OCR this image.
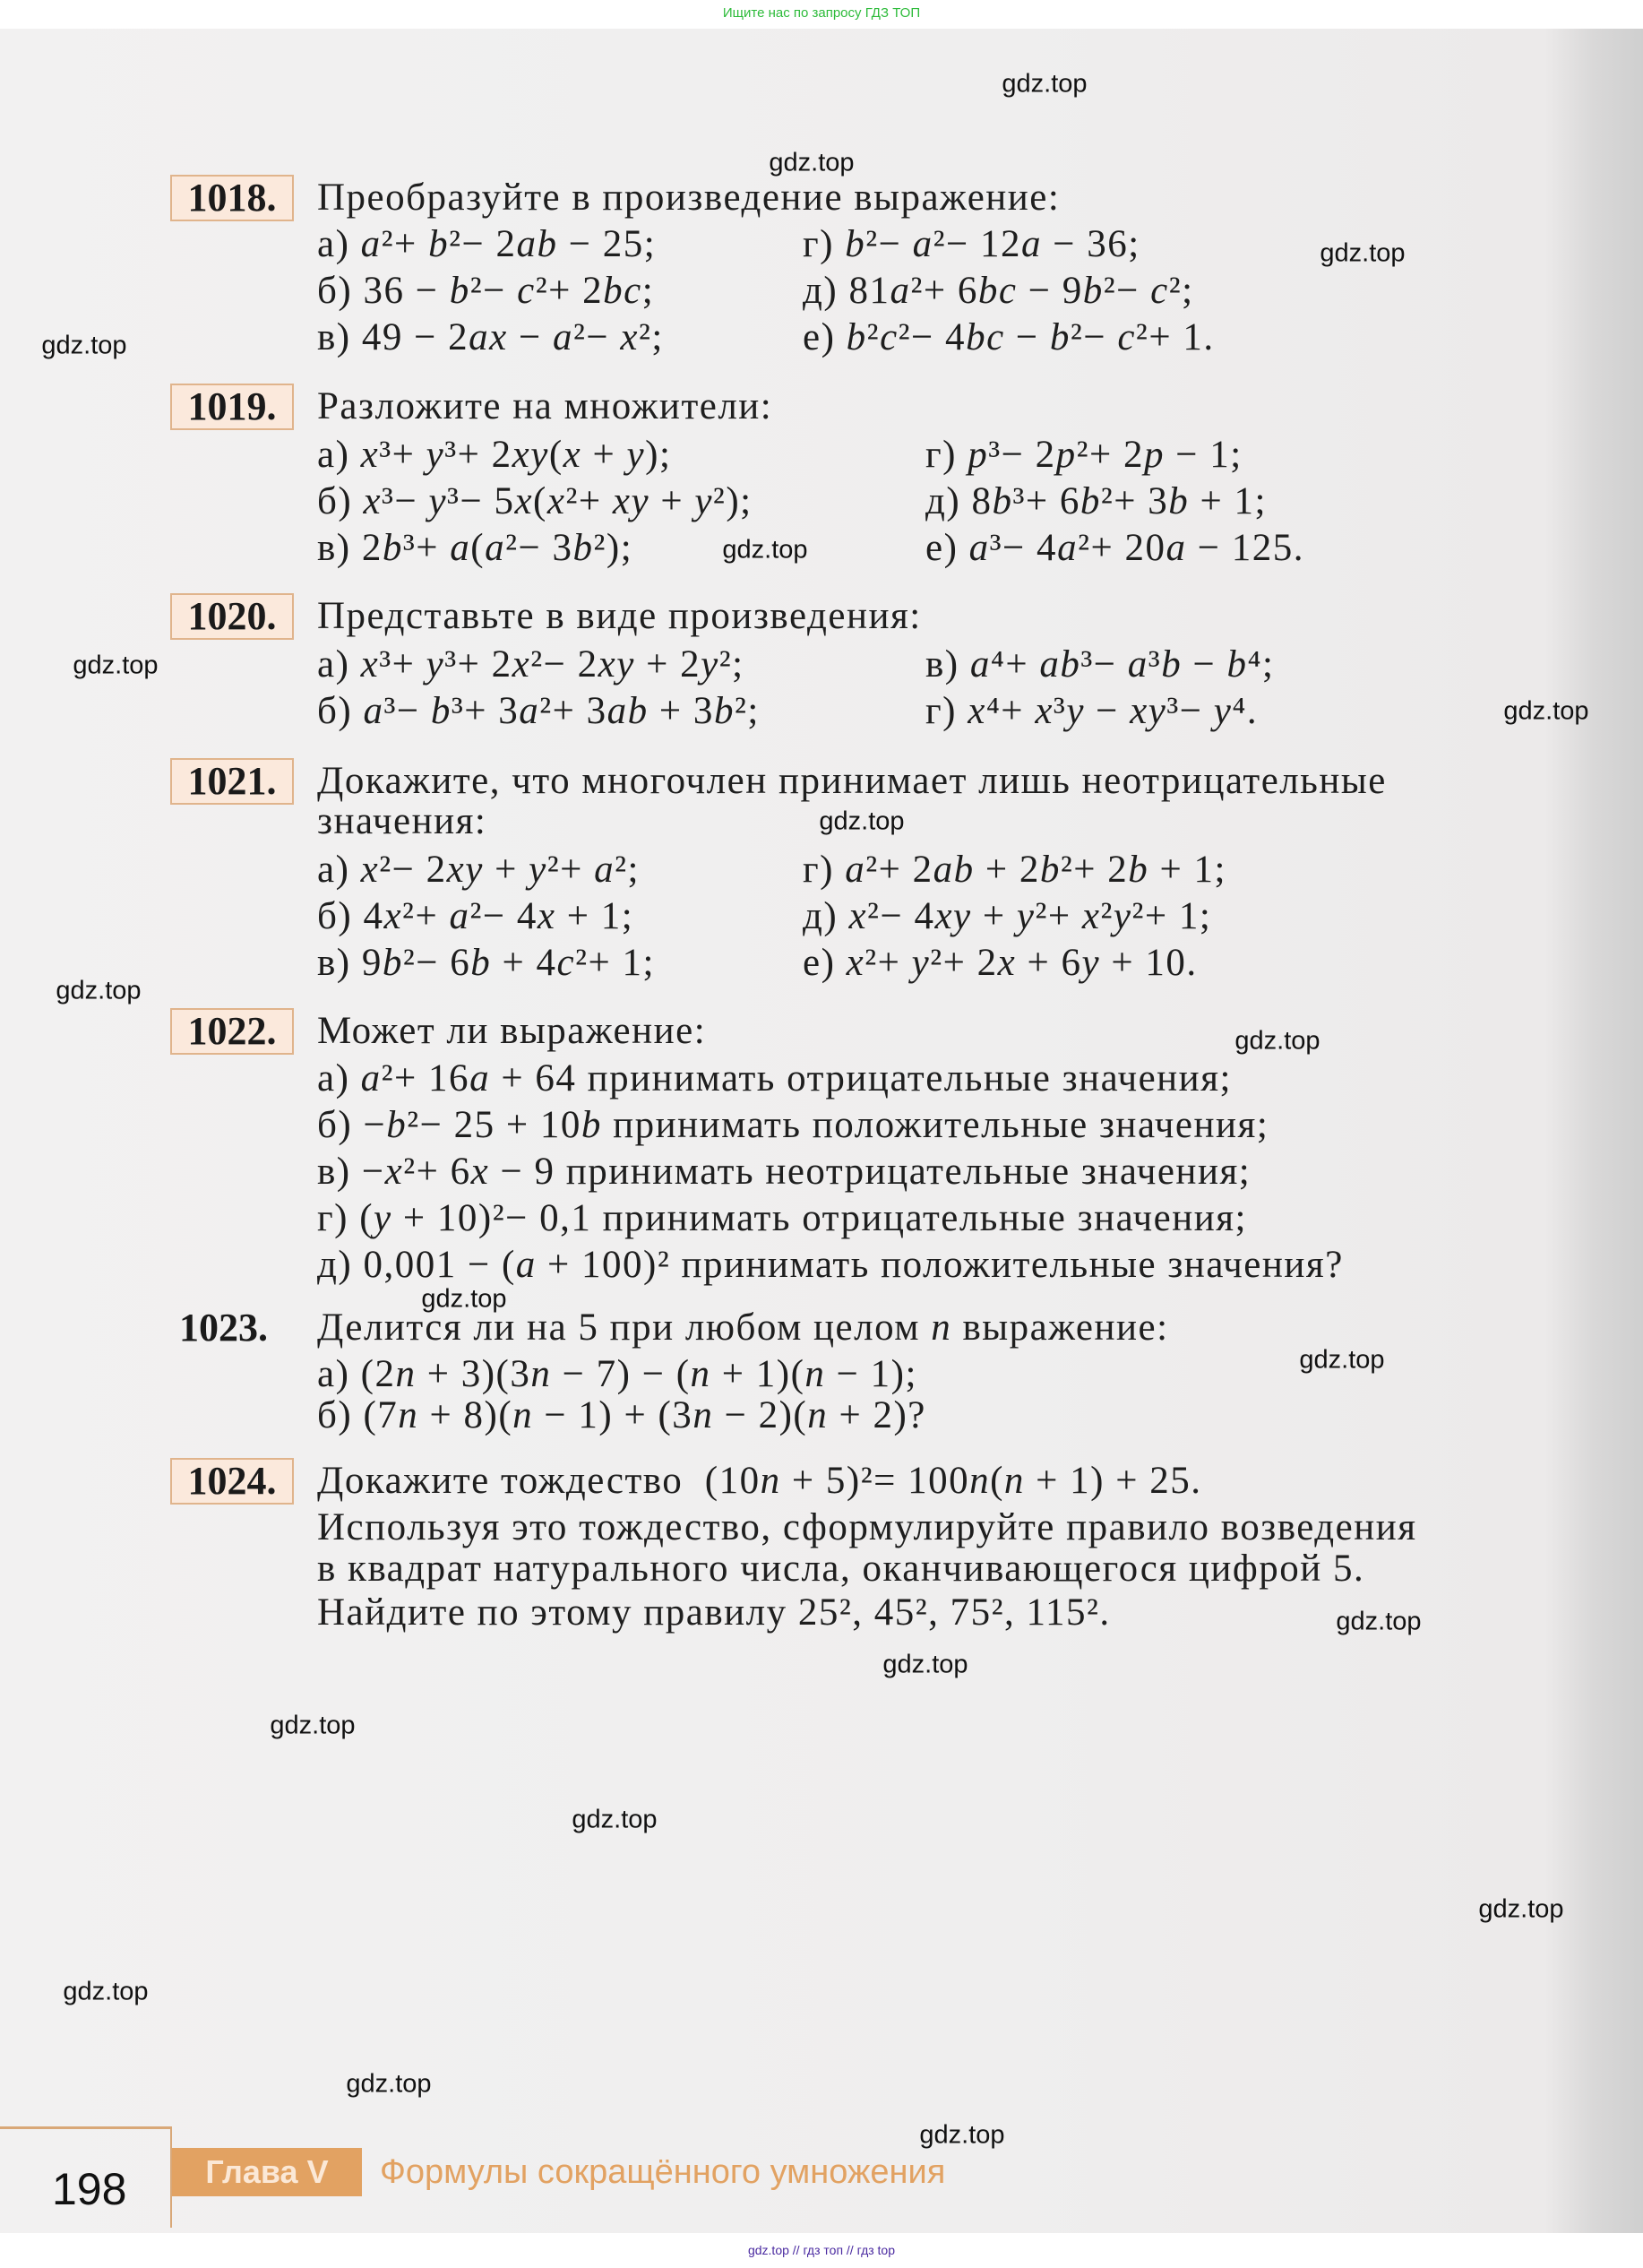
Ищите нас по запросу ГДЗ ТОП
1018.	Преобразуйте в произведение выражение:
а) a²+ b²− 2ab − 25;	г) b²− a²− 12a − 36;
б) 36 − b²− c²+ 2bc;	д) 81a²+ 6bc − 9b²− c²;
в) 49 − 2ax − a²− x²;	е) b²c²− 4bc − b²− c²+ 1.
1019.	Разложите на множители:
а) x³+ y³+ 2xy(x + y);	г) p³− 2p²+ 2p − 1;
б) x³− y³− 5x(x²+ xy + y²);	д) 8b³+ 6b²+ 3b + 1;
в) 2b³+ a(a²− 3b²);	е) a³− 4a²+ 20a − 125.
1020.	Представьте в виде произведения:
а) x³+ y³+ 2x²− 2xy + 2y²;	в) a⁴+ ab³− a³b − b⁴;
б) a³− b³+ 3a²+ 3ab + 3b²;	г) x⁴+ x³y − xy³− y⁴.
1021.	Докажите, что многочлен принимает лишь неотрицательные
значения:
а) x²− 2xy + y²+ a²;	г) a²+ 2ab + 2b²+ 2b + 1;
б) 4x²+ a²− 4x + 1;	д) x²− 4xy + y²+ x²y²+ 1;
в) 9b²− 6b + 4c²+ 1;	е) x²+ y²+ 2x + 6y + 10.
1022.	Может ли выражение:
а) a²+ 16a + 64 принимать отрицательные значения;
б) −b²− 25 + 10b принимать положительные значения;
в) −x²+ 6x − 9 принимать неотрицательные значения;
г) (y + 10)²− 0,1 принимать отрицательные значения;
д) 0,001 − (a + 100)² принимать положительные значения?
1023. Делится ли на 5 при любом целом n выражение:
а) (2n + 3)(3n − 7) − (n + 1)(n − 1);
б) (7n + 8)(n − 1) + (3n − 2)(n + 2)?
1024.	Докажите тождество (10n + 5)²= 100n(n + 1) + 25.
Используя это тождество, сформулируйте правило возведения
в квадрат натурального числа, оканчивающегося цифрой 5.
Найдите по этому правилу 25², 45², 75², 115².
gdz.top
gdz.top
gdz.top
gdz.top
gdz.top
gdz.top
gdz.top
gdz.top
gdz.top
gdz.top
gdz.top
gdz.top
gdz.top
gdz.top
gdz.top
gdz.top
gdz.top
gdz.top
gdz.top
gdz.top
198	Глава V	Формулы сокращённого умножения
gdz.top // гдз топ // гдз top
